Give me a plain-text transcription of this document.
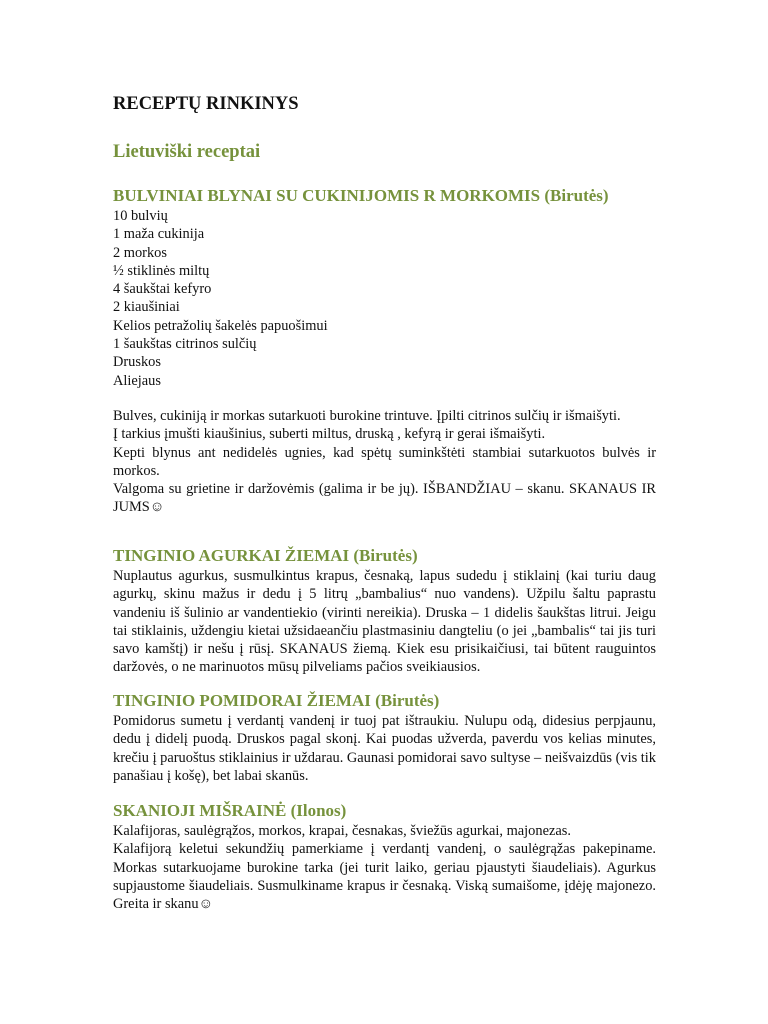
RECEPTŲ RINKINYS
Lietuviški receptai
BULVINIAI BLYNAI SU CUKINIJOMIS R MORKOMIS (Birutės)
10 bulvių
1 maža cukinija
2 morkos
½ stiklinės miltų
4 šaukštai kefyro
2 kiaušiniai
Kelios petražolių šakelės papuošimui
1 šaukštas citrinos sulčių
Druskos
Aliejaus

Bulves, cukiniją ir morkas sutarkuoti burokine trintuve. Įpilti citrinos sulčių ir išmaišyti.

Į tarkius įmušti kiaušinius, suberti miltus, druską , kefyrą ir gerai išmaišyti.

Kepti blynus ant nedidelės ugnies, kad spėtų suminkštėti stambiai sutarkuotos bulvės ir morkos.

Valgoma su grietine ir daržovėmis (galima ir be jų). IŠBANDŽIAU – skanu. SKANAUS IR JUMS☺

TINGINIO AGURKAI ŽIEMAI (Birutės)

Nuplautus agurkus, susmulkintus krapus, česnaką, lapus sudedu į stiklainį (kai turiu daug agurkų, skinu mažus ir dedu į 5 litrų „bambalius“ nuo vandens). Užpilu šaltu paprastu vandeniu iš šulinio ar vandentiekio (virinti nereikia). Druska – 1 didelis šaukštas litrui. Jeigu tai stiklainis, uždengiu kietai užsidaeančiu plastmasiniu dangteliu (o jei „bambalis“ tai jis turi savo kamštį) ir nešu į rūsį. SKANAUS žiemą. Kiek esu prisikaičiusi, tai būtent rauguintos daržovės, o ne marinuotos mūsų pilveliams pačios sveikiausios.

TINGINIO POMIDORAI ŽIEMAI (Birutės)

Pomidorus sumetu į verdantį vandenį ir tuoj pat ištraukiu. Nulupu odą, didesius perpjaunu, dedu į didelį puodą. Druskos pagal skonį. Kai puodas užverda, paverdu vos kelias minutes, krečiu į paruoštus stiklainius ir uždarau. Gaunasi pomidorai savo sultyse – neišvaizdūs (vis tik panašiau į košę), bet labai skanūs.

SKANIOJI MIŠRAINĖ (Ilonos)

Kalafijoras, saulėgrąžos, morkos, krapai, česnakas, šviežūs agurkai, majonezas.

Kalafijorą keletui sekundžių pamerkiame į verdantį vandenį, o saulėgrąžas pakepiname. Morkas sutarkuojame burokine tarka (jei turit laiko, geriau pjaustyti šiaudeliais). Agurkus supjaustome šiaudeliais. Susmulkiname krapus ir česnaką. Viską sumaišome, įdėję majonezo. Greita ir skanu☺
